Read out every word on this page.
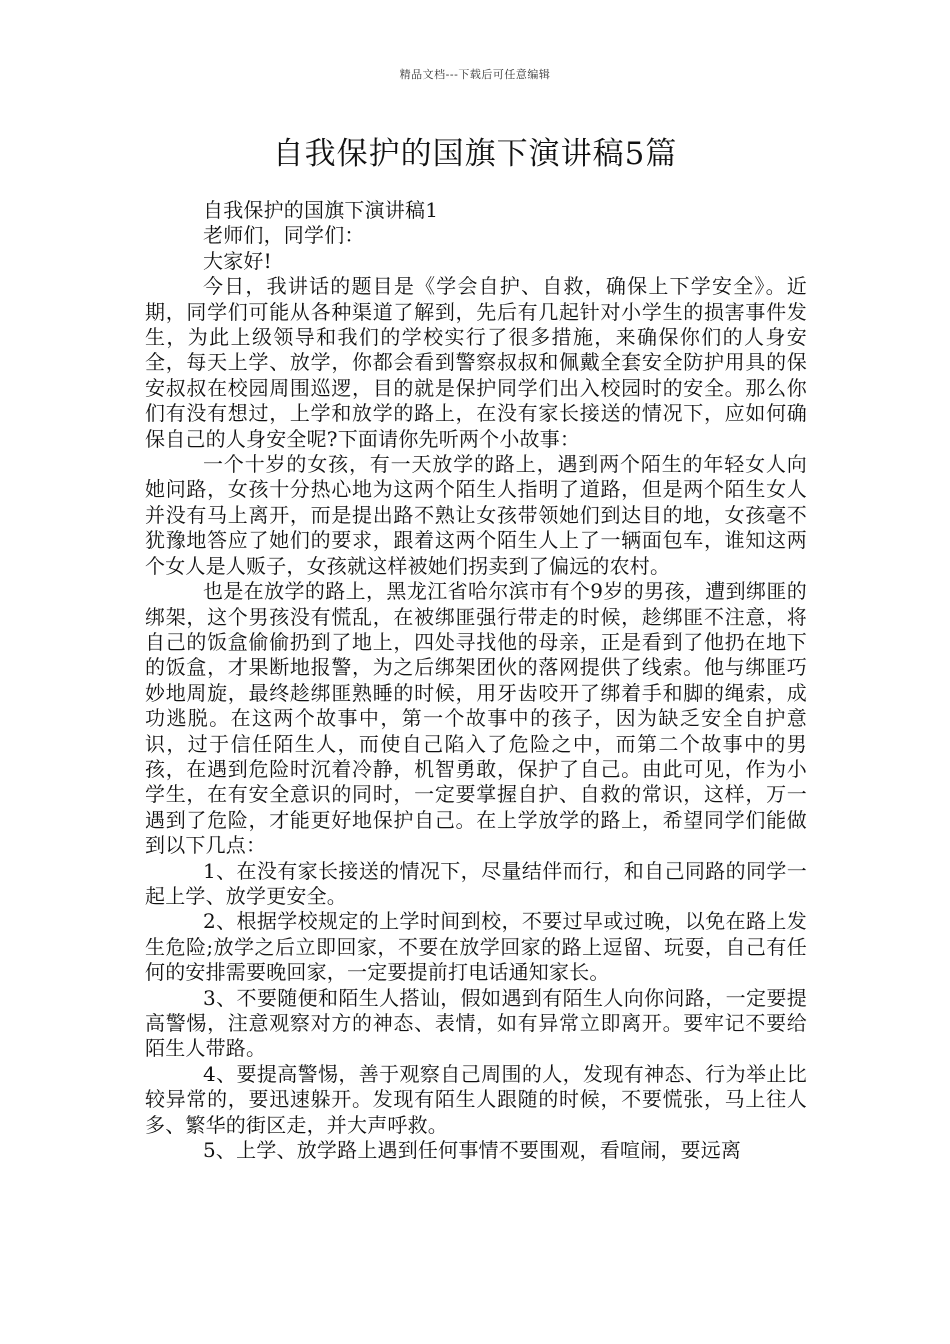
精品文档---下载后可任意编辑
自我保护的国旗下演讲稿5篇

自我保护的国旗下演讲稿1

老师们，同学们：

大家好!

今日，我讲话的题目是《学会自护、自救，确保上下学安全》。近期，同学们可能从各种渠道了解到，先后有几起针对小学生的损害事件发生，为此上级领导和我们的学校实行了很多措施，来确保你们的人身安全，每天上学、放学，你都会看到警察叔叔和佩戴全套安全防护用具的保安叔叔在校园周围巡逻，目的就是保护同学们出入校园时的安全。那么你们有没有想过，上学和放学的路上，在没有家长接送的情况下，应如何确保自己的人身安全呢?下面请你先听两个小故事：

一个十岁的女孩，有一天放学的路上，遇到两个陌生的年轻女人向她问路，女孩十分热心地为这两个陌生人指明了道路，但是两个陌生女人并没有马上离开，而是提出路不熟让女孩带领她们到达目的地，女孩毫不犹豫地答应了她们的要求，跟着这两个陌生人上了一辆面包车，谁知这两个女人是人贩子，女孩就这样被她们拐卖到了偏远的农村。

也是在放学的路上，黑龙江省哈尔滨市有个9岁的男孩，遭到绑匪的绑架，这个男孩没有慌乱，在被绑匪强行带走的时候，趁绑匪不注意，将自己的饭盒偷偷扔到了地上，四处寻找他的母亲，正是看到了他扔在地下的饭盒，才果断地报警，为之后绑架团伙的落网提供了线索。他与绑匪巧妙地周旋，最终趁绑匪熟睡的时候，用牙齿咬开了绑着手和脚的绳索，成功逃脱。在这两个故事中，第一个故事中的孩子，因为缺乏安全自护意识，过于信任陌生人，而使自己陷入了危险之中，而第二个故事中的男孩，在遇到危险时沉着冷静，机智勇敢，保护了自己。由此可见，作为小学生，在有安全意识的同时，一定要掌握自护、自救的常识，这样，万一遇到了危险，才能更好地保护自己。在上学放学的路上，希望同学们能做到以下几点：

1、在没有家长接送的情况下，尽量结伴而行，和自己同路的同学一起上学、放学更安全。

2、根据学校规定的上学时间到校，不要过早或过晚，以免在路上发生危险;放学之后立即回家，不要在放学回家的路上逗留、玩耍，自己有任何的安排需要晚回家，一定要提前打电话通知家长。

3、不要随便和陌生人搭讪，假如遇到有陌生人向你问路，一定要提高警惕，注意观察对方的神态、表情，如有异常立即离开。要牢记不要给陌生人带路。

4、要提高警惕，善于观察自己周围的人，发现有神态、行为举止比较异常的，要迅速躲开。发现有陌生人跟随的时候，不要慌张，马上往人多、繁华的街区走，并大声呼救。

5、上学、放学路上遇到任何事情不要围观，看喧闹，要远离
